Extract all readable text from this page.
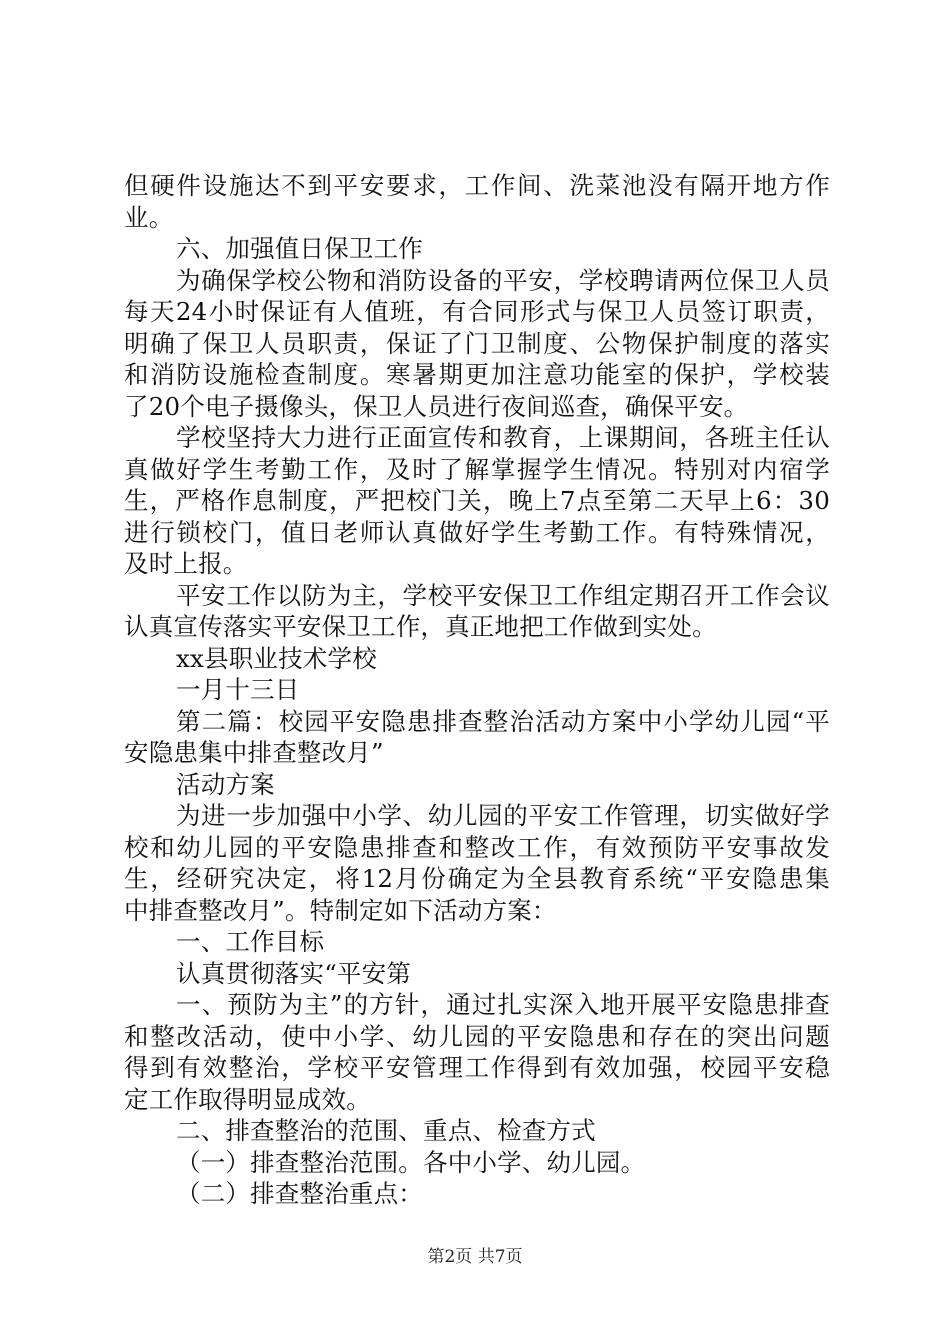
但硬件设施达不到平安要求，工作间、洗菜池没有隔开地方作
业。
六、加强值日保卫工作
为确保学校公物和消防设备的平安，学校聘请两位保卫人员
每天24小时保证有人值班，有合同形式与保卫人员签订职责，
明确了保卫人员职责，保证了门卫制度、公物保护制度的落实
和消防设施检查制度。寒暑期更加注意功能室的保护，学校装
了20个电子摄像头，保卫人员进行夜间巡查，确保平安。
学校坚持大力进行正面宣传和教育，上课期间，各班主任认
真做好学生考勤工作，及时了解掌握学生情况。特别对内宿学
生，严格作息制度，严把校门关，晚上7点至第二天早上6：30
进行锁校门，值日老师认真做好学生考勤工作。有特殊情况，
及时上报。
平安工作以防为主，学校平安保卫工作组定期召开工作会议
认真宣传落实平安保卫工作，真正地把工作做到实处。
xx县职业技术学校
一月十三日
第二篇：校园平安隐患排查整治活动方案中小学幼儿园“平
安隐患集中排查整改月”
活动方案
为进一步加强中小学、幼儿园的平安工作管理，切实做好学
校和幼儿园的平安隐患排查和整改工作，有效预防平安事故发
生，经研究决定，将12月份确定为全县教育系统“平安隐患集
中排查整改月”。特制定如下活动方案：
一、工作目标
认真贯彻落实“平安第
一、预防为主”的方针，通过扎实深入地开展平安隐患排查
和整改活动，使中小学、幼儿园的平安隐患和存在的突出问题
得到有效整治，学校平安管理工作得到有效加强，校园平安稳
定工作取得明显成效。
二、排查整治的范围、重点、检查方式
（一）排查整治范围。各中小学、幼儿园。
（二）排查整治重点：
第2页 共7页
